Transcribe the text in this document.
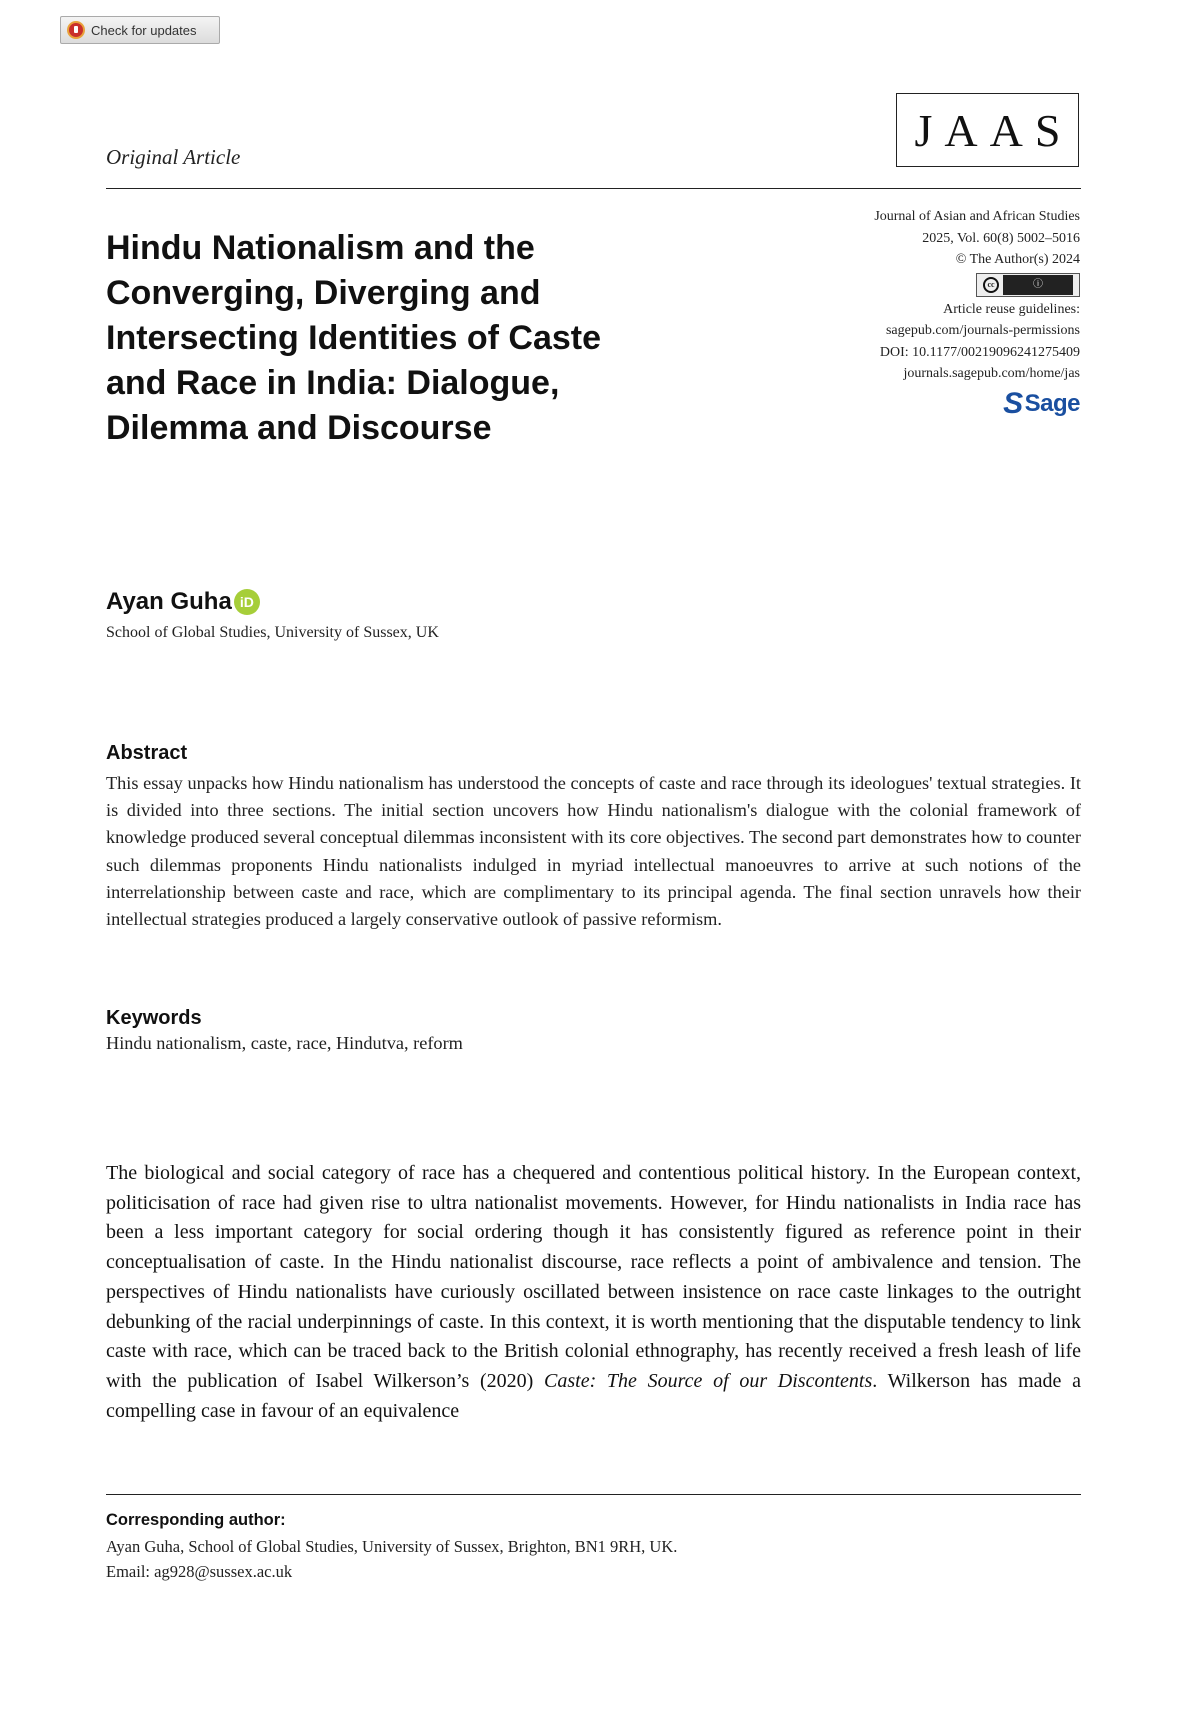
Check for updates
JAAS
Original Article
Hindu Nationalism and the Converging, Diverging and Intersecting Identities of Caste and Race in India: Dialogue, Dilemma and Discourse
Journal of Asian and African Studies
2025, Vol. 60(8) 5002–5016
© The Author(s) 2024
cc	ⓘ
Article reuse guidelines:
sagepub.com/journals-permissions
DOI: 10.1177/00219096241275409
journals.sagepub.com/home/jas
S Sage
Ayan Guha iD
School of Global Studies, University of Sussex, UK
Abstract

This essay unpacks how Hindu nationalism has understood the concepts of caste and race through its ideologues' textual strategies. It is divided into three sections. The initial section uncovers how Hindu nationalism's dialogue with the colonial framework of knowledge produced several conceptual dilemmas inconsistent with its core objectives. The second part demonstrates how to counter such dilemmas proponents Hindu nationalists indulged in myriad intellectual manoeuvres to arrive at such notions of the interrelationship between caste and race, which are complimentary to its principal agenda. The final section unravels how their intellectual strategies produced a largely conservative outlook of passive reformism.

Keywords
Hindu nationalism, caste, race, Hindutva, reform

The biological and social category of race has a chequered and contentious political history. In the European context, politicisation of race had given rise to ultra nationalist movements. However, for Hindu nationalists in India race has been a less important category for social ordering though it has consistently figured as reference point in their conceptualisation of caste. In the Hindu nationalist discourse, race reflects a point of ambivalence and tension. The perspectives of Hindu nationalists have curiously oscillated between insistence on race caste linkages to the outright debunking of the racial underpinnings of caste. In this context, it is worth mentioning that the disputable tendency to link caste with race, which can be traced back to the British colonial ethnography, has recently received a fresh leash of life with the publication of Isabel Wilkerson’s (2020) Caste: The Source of our Discontents. Wilkerson has made a compelling case in favour of an equivalence

Corresponding author:
Ayan Guha, School of Global Studies, University of Sussex, Brighton, BN1 9RH, UK.
Email: ag928@sussex.ac.uk
